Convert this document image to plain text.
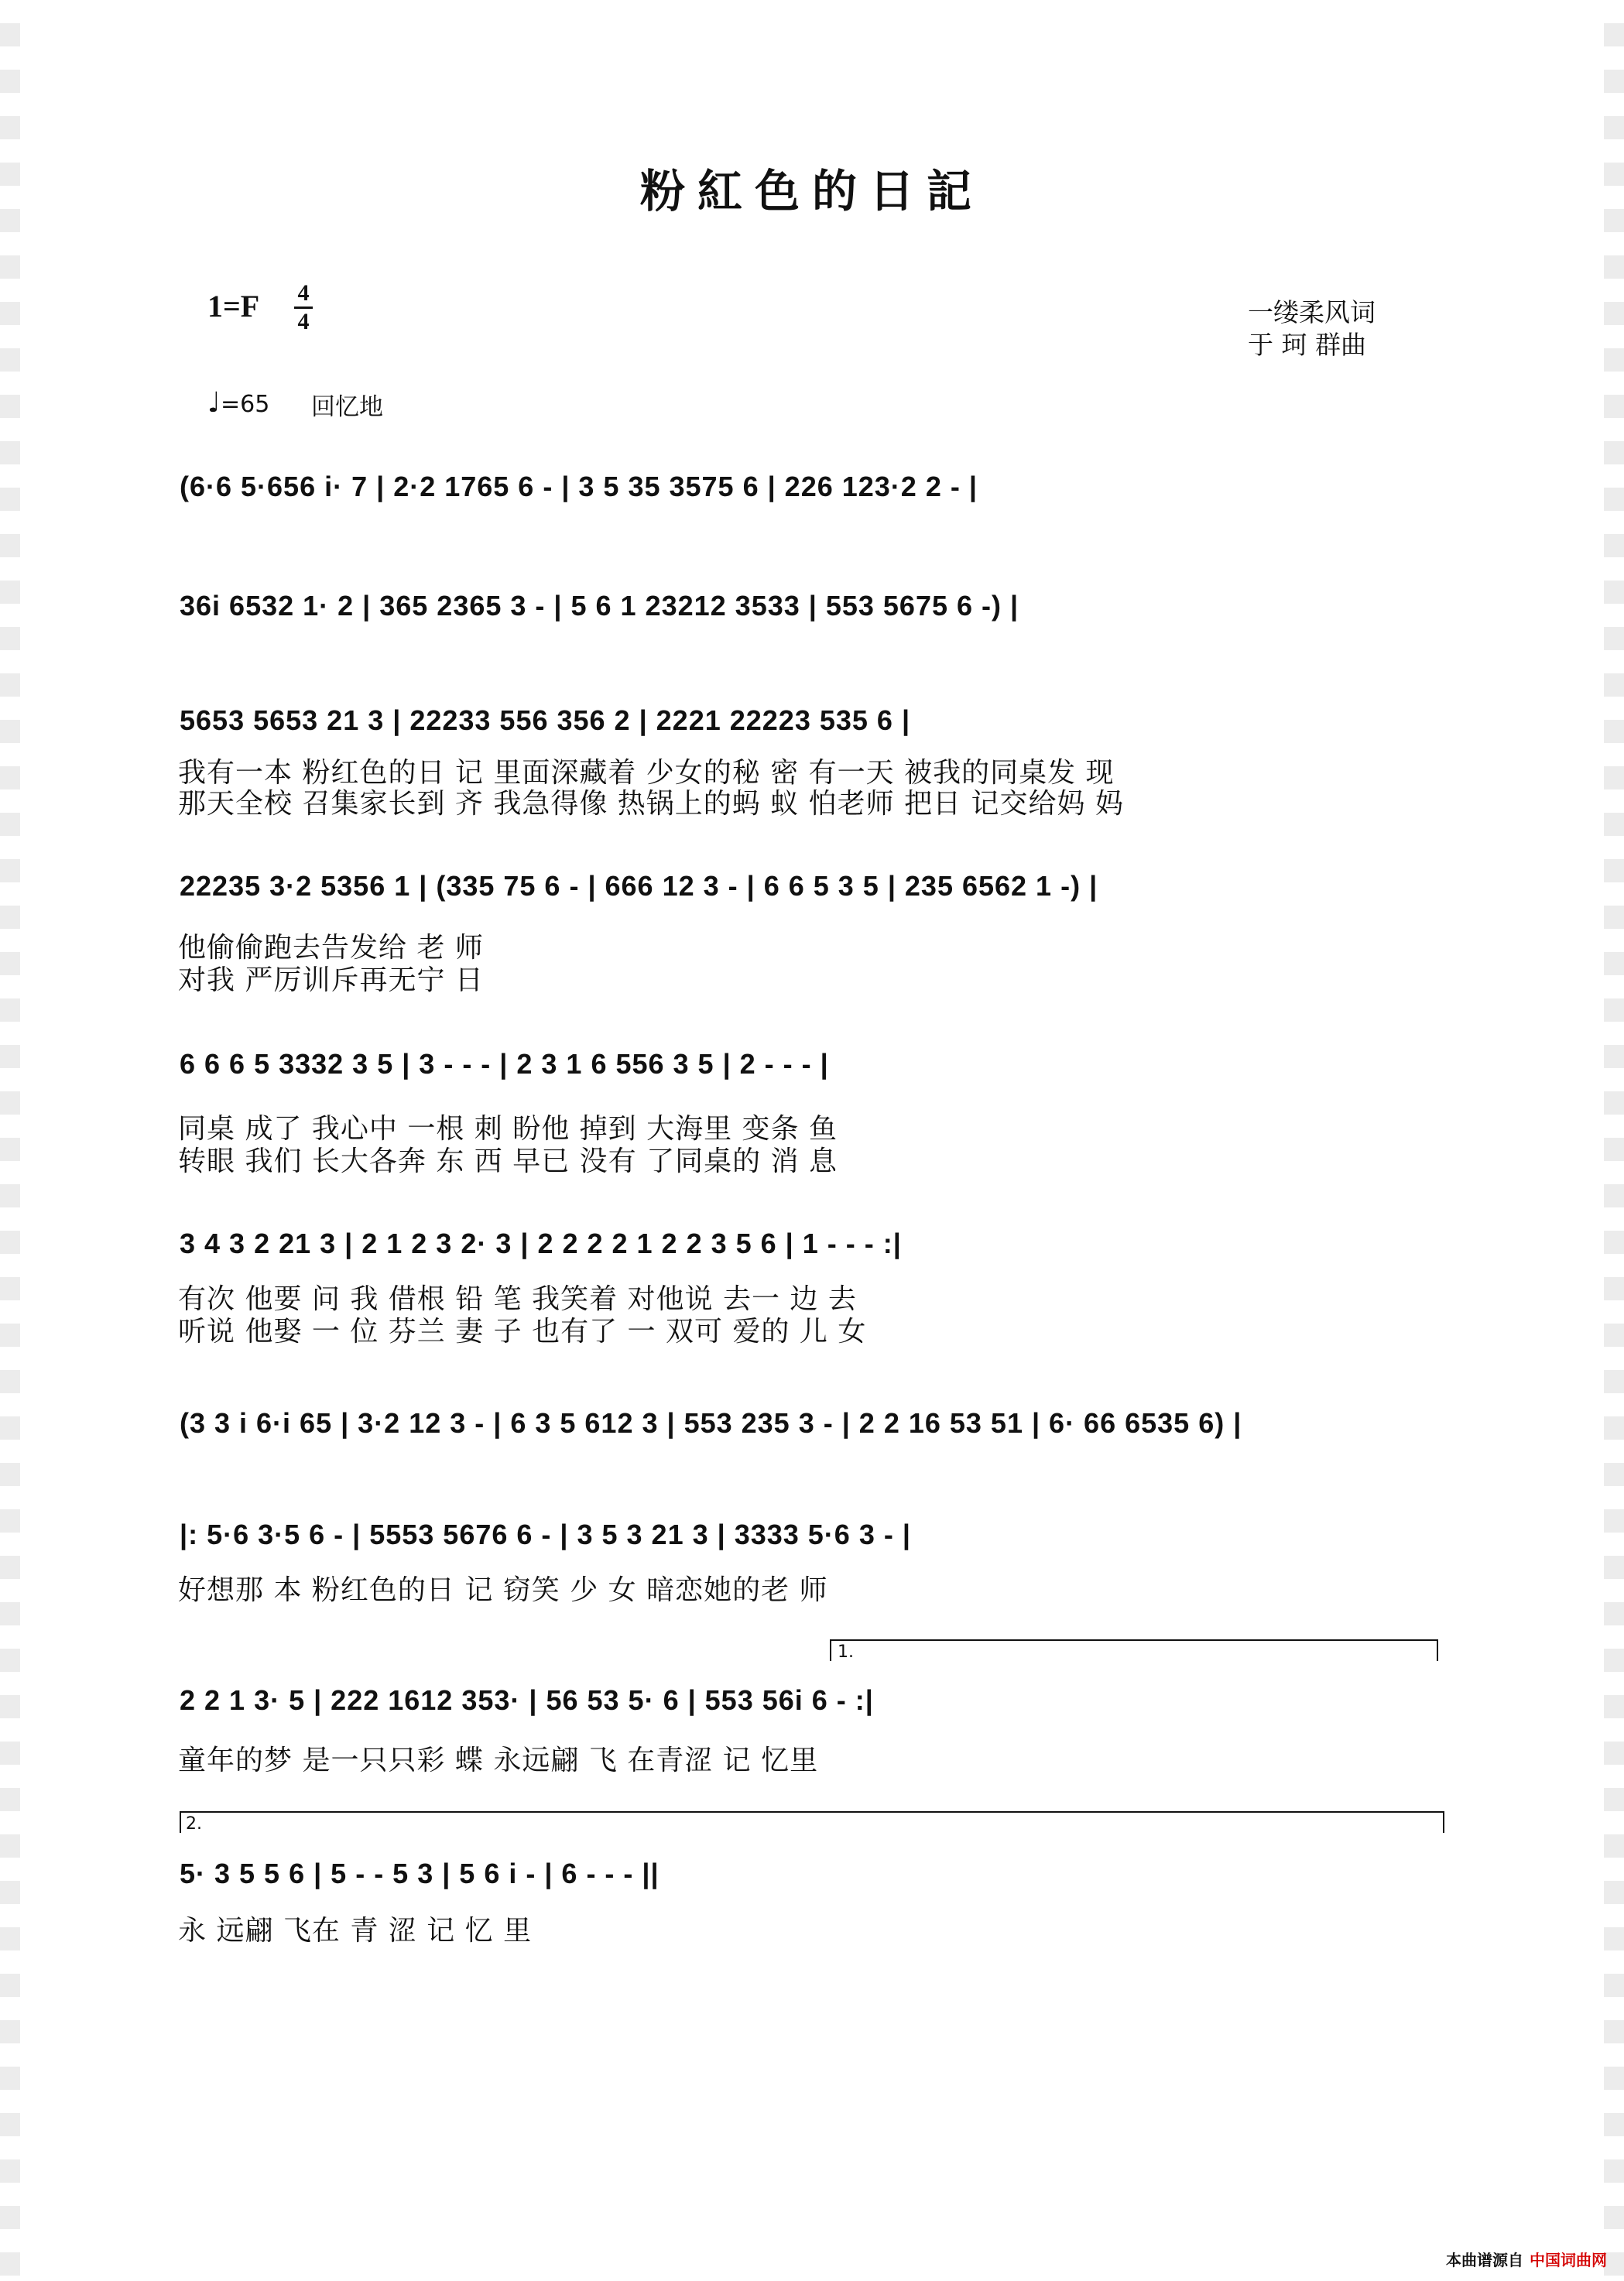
粉紅色的日記
1=F 4
4	一缕柔风词
于 珂 群曲
♩=65 回忆地
(6·6 5·656 i· 7 | 2·2 1765 6 - | 3 5 35 3575 6 | 226 123·2 2 - |
36i 6532 1· 2 | 365 2365 3 - | 5 6 1 23212 3533 | 553 5675 6 -) |
5653 5653 21 3 | 22233 556 356 2 | 2221 22223 535 6 |
我有一本 粉红色的日 记 里面深藏着 少女的秘 密 有一天 被我的同桌发 现
那天全校 召集家长到 齐 我急得像 热锅上的蚂 蚁 怕老师 把日 记交给妈 妈
22235 3·2 5356 1 | (335 75 6 - | 666 12 3 - | 6 6 5 3 5 | 235 6562 1 -) |
他偷偷跑去告发给 老 师
对我 严厉训斥再无宁 日
6 6 6 5 3332 3 5 | 3 - - - | 2 3 1 6 556 3 5 | 2 - - - |
同桌 成了 我心中 一根 刺 盼他 掉到 大海里 变条 鱼
转眼 我们 长大各奔 东 西 早已 没有 了同桌的 消 息
3 4 3 2 21 3 | 2 1 2 3 2· 3 | 2 2 2 2 1 2 2 3 5 6 | 1 - - - :|
有次 他要 问 我 借根 铅 笔 我笑着 对他说 去一 边 去
听说 他娶 一 位 芬兰 妻 子 也有了 一 双可 爱的 儿 女
(3 3 i 6·i 65 | 3·2 12 3 - | 6 3 5 612 3 | 553 235 3 - | 2 2 16 53 51 | 6· 66 6535 6) |
|: 5·6 3·5 6 - | 5553 5676 6 - | 3 5 3 21 3 | 3333 5·6 3 - |
好想那 本 粉红色的日 记 窃笑 少 女 暗恋她的老 师
1.
2 2 1 3· 5 | 222 1612 353· | 56 53 5· 6 | 553 56i 6 - :|
童年的梦 是一只只彩 蝶 永远翩 飞 在青涩 记 忆里
2.
5· 3 5 5 6 | 5 - - 5 3 | 5 6 i - | 6 - - - ||
永 远翩 飞在 青 涩 记 忆 里
本曲谱源自 中国词曲网
